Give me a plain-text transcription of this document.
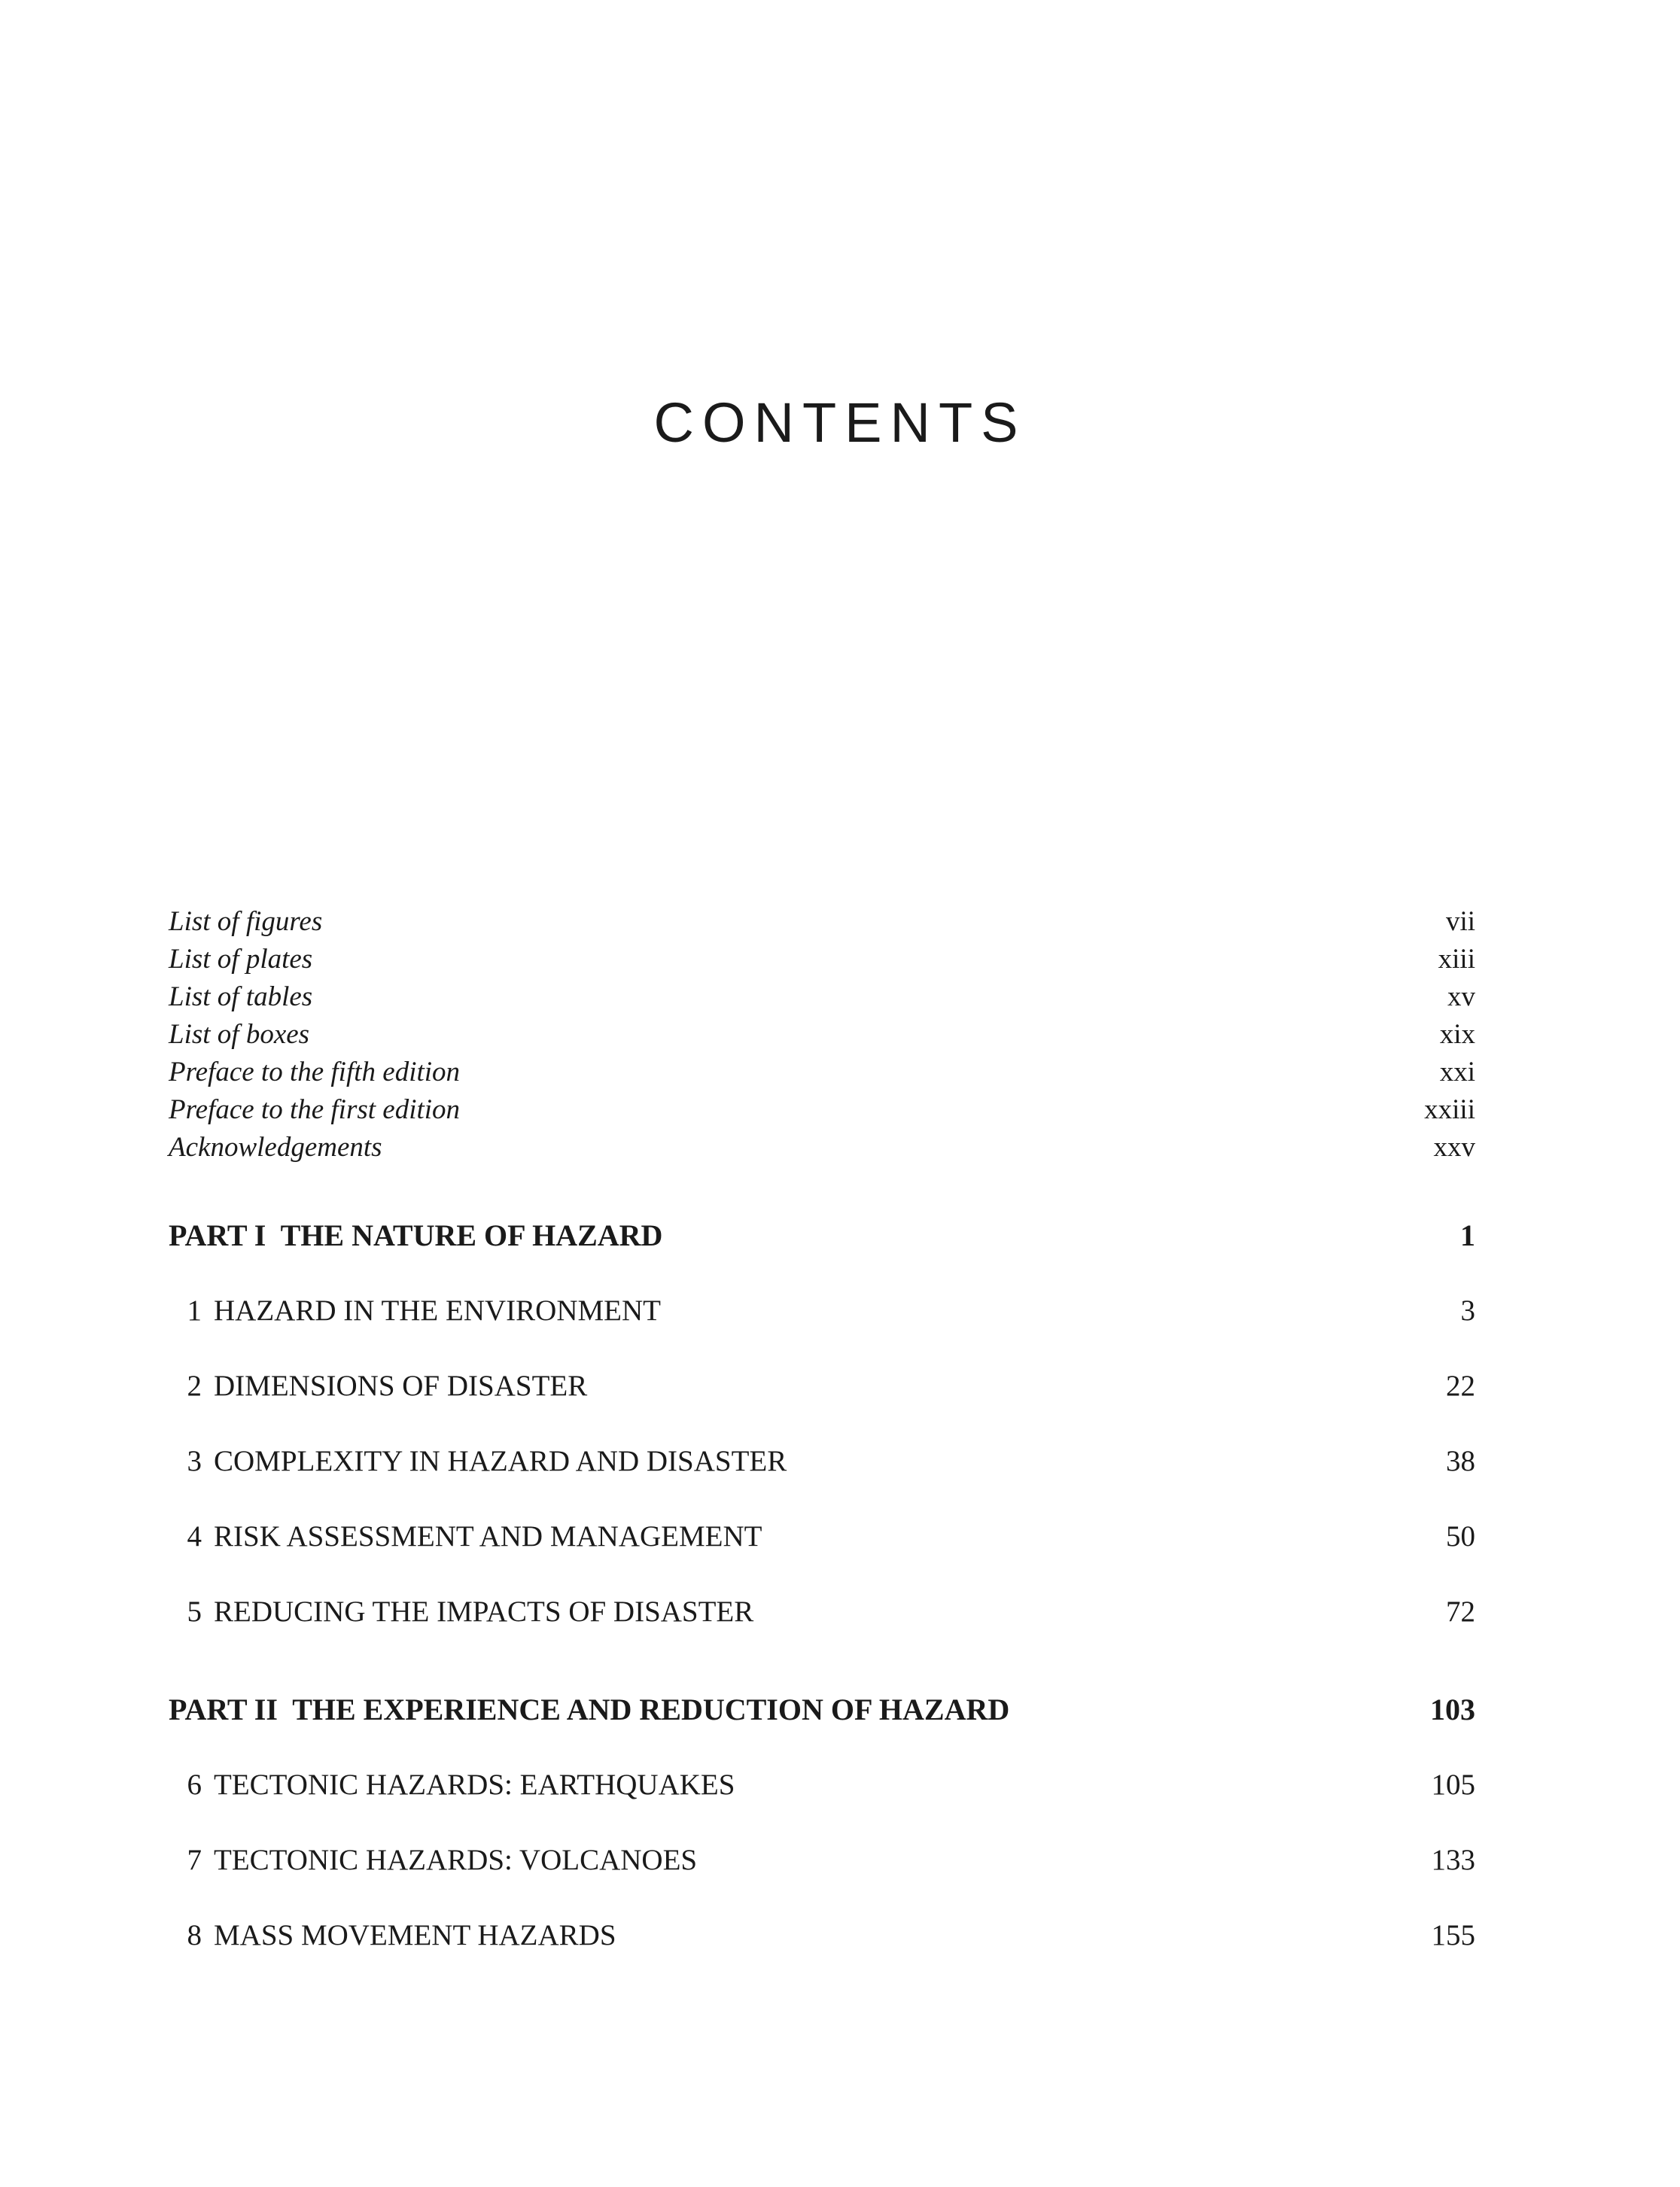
CONTENTS
List of figures	vii
List of plates	xiii
List of tables	xv
List of boxes	xix
Preface to the fifth edition	xxi
Preface to the first edition	xxiii
Acknowledgements	xxv
PART I  THE NATURE OF HAZARD	1
1 HAZARD IN THE ENVIRONMENT	3
2 DIMENSIONS OF DISASTER	22
3 COMPLEXITY IN HAZARD AND DISASTER	38
4 RISK ASSESSMENT AND MANAGEMENT	50
5 REDUCING THE IMPACTS OF DISASTER	72
PART II  THE EXPERIENCE AND REDUCTION OF HAZARD	103
6 TECTONIC HAZARDS: EARTHQUAKES	105
7 TECTONIC HAZARDS: VOLCANOES	133
8 MASS MOVEMENT HAZARDS	155
